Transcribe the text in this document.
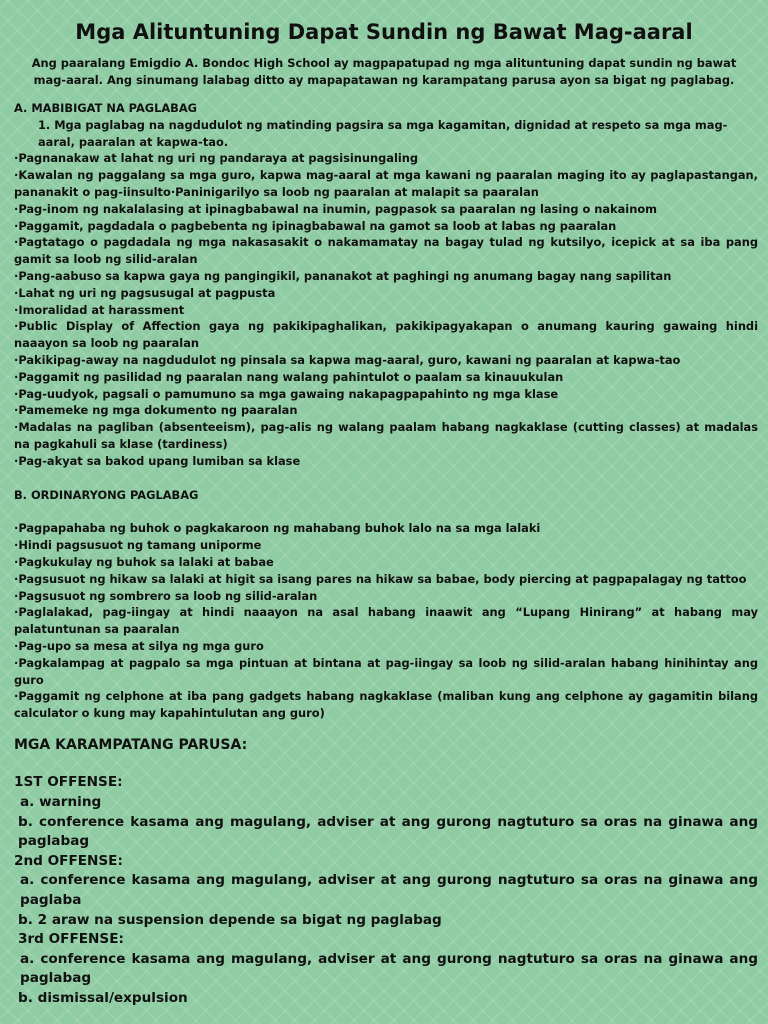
Mga Alituntuning Dapat Sundin ng Bawat Mag-aaral

Ang paaralang Emigdio A. Bondoc High School ay magpapatupad ng mga alituntuning dapat sundin ng bawat mag-aaral. Ang sinumang lalabag ditto ay mapapatawan ng karampatang parusa ayon sa bigat ng paglabag.

A. MABIBIGAT NA PAGLABAG
1. Mga paglabag na nagdudulot ng matinding pagsira sa mga kagamitan, dignidad at respeto sa mga mag-aaral, paaralan at kapwa-tao.
·Pagnanakaw at lahat ng uri ng pandaraya at pagsisinungaling
·Kawalan ng paggalang sa mga guro, kapwa mag-aaral at mga kawani ng paaralan maging ito ay paglapastangan, pananakit o pag-iinsulto·Paninigarilyo sa loob ng paaralan at malapit sa paaralan
·Pag-inom ng nakalalasing at ipinagbabawal na inumin, pagpasok sa paaralan ng lasing o nakainom
·Paggamit, pagdadala o pagbebenta ng ipinagbabawal na gamot sa loob at labas ng paaralan
·Pagtatago o pagdadala ng mga nakasasakit o nakamamatay na bagay tulad ng kutsilyo, icepick at sa iba pang gamit sa loob ng silid-aralan
·Pang-aabuso sa kapwa gaya ng pangingikil, pananakot at paghingi ng anumang bagay nang sapilitan
·Lahat ng uri ng pagsusugal at pagpusta
·Imoralidad at harassment
·Public Display of Affection gaya ng pakikipaghalikan, pakikipagyakapan o anumang kauring gawaing hindi naaayon sa loob ng paaralan
·Pakikipag-away na nagdudulot ng pinsala sa kapwa mag-aaral, guro, kawani ng paaralan at kapwa-tao
·Paggamit ng pasilidad ng paaralan nang walang pahintulot o paalam sa kinauukulan
·Pag-uudyok, pagsali o pamumuno sa mga gawaing nakapagpapahinto ng mga klase
·Pamemeke ng mga dokumento ng paaralan
·Madalas na pagliban (absenteeism), pag-alis ng walang paalam habang nagkaklase (cutting classes) at madalas na pagkahuli sa klase (tardiness)
·Pag-akyat sa bakod upang lumiban sa klase
B. ORDINARYONG PAGLABAG
·Pagpapahaba ng buhok o pagkakaroon ng mahabang buhok lalo na sa mga lalaki
·Hindi pagsusuot ng tamang uniporme
·Pagkukulay ng buhok sa lalaki at babae
·Pagsusuot ng hikaw sa lalaki at higit sa isang pares na hikaw sa babae, body piercing at pagpapalagay ng tattoo
·Pagsusuot ng sombrero sa loob ng silid-aralan
·Paglalakad, pag-iingay at hindi naaayon na asal habang inaawit ang “Lupang Hinirang” at habang may palatuntunan sa paaralan
·Pag-upo sa mesa at silya ng mga guro
·Pagkalampag at pagpalo sa mga pintuan at bintana at pag-iingay sa loob ng silid-aralan habang hinihintay ang guro
·Paggamit ng celphone at iba pang gadgets habang nagkaklase (maliban kung ang celphone ay gagamitin bilang calculator o kung may kapahintulutan ang guro)
MGA KARAMPATANG PARUSA:
1ST OFFENSE:
a. warning
b. conference kasama ang magulang, adviser at ang gurong nagtuturo sa oras na ginawa ang paglabag
2nd OFFENSE:
a. conference kasama ang magulang, adviser at ang gurong nagtuturo sa oras na ginawa ang paglaba
b. 2 araw na suspension depende sa bigat ng paglabag
3rd OFFENSE:
a. conference kasama ang magulang, adviser at ang gurong nagtuturo sa oras na ginawa ang paglabag
b. dismissal/expulsion
